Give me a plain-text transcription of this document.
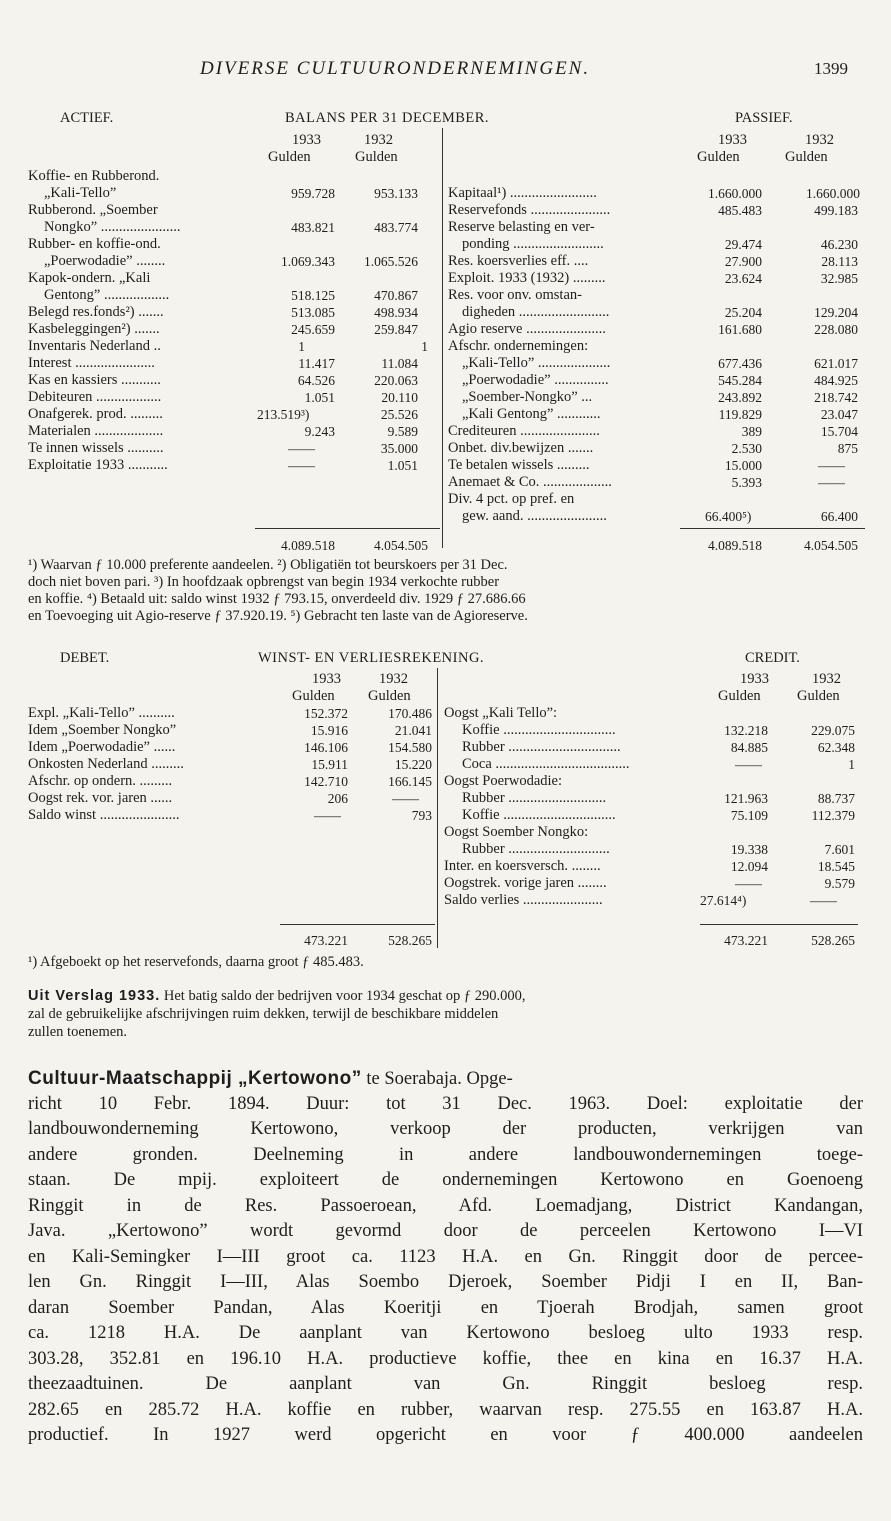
DIVERSE CULTUURONDERNEMINGEN.	1399
ACTIEF.	BALANS PER 31 DECEMBER.	PASSIEF.
1933	1932
Gulden	Gulden
1933	1932
Gulden	Gulden
Koffie- en Rubberond.
„Kali-Tello”	959.728	953.133
Rubberond. „Soember
Nongko” ......................	483.821	483.774
Rubber- en koffie-ond.
„Poerwodadie” ........	1.069.343	1.065.526
Kapok-ondern. „Kali
Gentong” ..................	518.125	470.867
Belegd res.fonds²) .......	513.085	498.934
Kasbeleggingen²) .......	245.659	259.847
Inventaris Nederland ..	1	1
Interest ......................	11.417	11.084
Kas en kassiers ...........	64.526	220.063
Debiteuren ..................	1.051	20.110
Onafgerek. prod. .........	213.519³)	25.526
Materialen ...................	9.243	9.589
Te innen wissels ..........	——	35.000
Exploitatie 1933 ...........	——	1.051
Kapitaal¹) ........................	1.660.000	1.660.000
Reservefonds ......................	485.483	499.183
Reserve belasting en ver-
ponding .........................	29.474	46.230
Res. koersverlies eff. ....	27.900	28.113
Exploit. 1933 (1932) .........	23.624	32.985
Res. voor onv. omstan-
digheden .........................	25.204	129.204
Agio reserve ......................	161.680	228.080
Afschr. ondernemingen:
„Kali-Tello” ....................	677.436	621.017
„Poerwodadie” ...............	545.284	484.925
„Soember-Nongko” ...	243.892	218.742
„Kali Gentong” ............	119.829	23.047
Crediteuren ......................	389	15.704
Onbet. div.bewijzen .......	2.530	875
Te betalen wissels .........	15.000	——
Anemaet & Co. ...................	5.393	——
Div. 4 pct. op pref. en
gew. aand. ......................	66.400⁵)	66.400
4.089.518	4.054.505	4.089.518	4.054.505
¹) Waarvan ƒ 10.000 preferente aandeelen. ²) Obligatiën tot beurskoers per 31 Dec.
doch niet boven pari. ³) In hoofdzaak opbrengst van begin 1934 verkochte rubber
en koffie. ⁴) Betaald uit: saldo winst 1932 ƒ 793.15, onverdeeld div. 1929 ƒ 27.686.66
en Toevoeging uit Agio-reserve ƒ 37.920.19. ⁵) Gebracht ten laste van de Agioreserve.
DEBET.	WINST- EN VERLIESREKENING.	CREDIT.
1933	1932
Gulden Gulden
1933	1932
Gulden	Gulden
Expl. „Kali-Tello” ..........	152.372	170.486
Idem „Soember Nongko”	15.916	21.041
Idem „Poerwodadie” ......	146.106	154.580
Onkosten Nederland .........	15.911	15.220
Afschr. op ondern. .........	142.710	166.145
Oogst rek. vor. jaren ......	206	——
Saldo winst ......................	——	793
Oogst „Kali Tello”:
Koffie ...............................	132.218	229.075
Rubber ...............................	84.885	62.348
Coca .....................................	——	1
Oogst Poerwodadie:
Rubber ...........................	121.963	88.737
Koffie ...............................	75.109	112.379
Oogst Soember Nongko:
Rubber ............................	19.338	7.601
Inter. en koersversch. ........	12.094	18.545
Oogstrek. vorige jaren ........	——	9.579
Saldo verlies ......................	27.614⁴)	——
473.221	528.265	473.221	528.265
¹) Afgeboekt op het reservefonds, daarna groot ƒ 485.483.
Uit Verslag 1933. Het batig saldo der bedrijven voor 1934 geschat op ƒ 290.000,
zal de gebruikelijke afschrijvingen ruim dekken, terwijl de beschikbare middelen
zullen toenemen.
Cultuur-Maatschappij „Kertowono” te Soerabaja. Opge-
richt 10 Febr. 1894. Duur: tot 31 Dec. 1963. Doel: exploitatie der
landbouwonderneming Kertowono, verkoop der producten, verkrijgen van
andere gronden. Deelneming in andere landbouwondernemingen toege-
staan. De mpij. exploiteert de ondernemingen Kertowono en Goenoeng
Ringgit in de Res. Passoeroean, Afd. Loemadjang, District Kandangan,
Java. „Kertowono” wordt gevormd door de perceelen Kertowono I—VI
en Kali-Semingker I—III groot ca. 1123 H.A. en Gn. Ringgit door de percee-
len Gn. Ringgit I—III, Alas Soembo Djeroek, Soember Pidji I en II, Ban-
daran Soember Pandan, Alas Koeritji en Tjoerah Brodjah, samen groot
ca. 1218 H.A. De aanplant van Kertowono besloeg ulto 1933 resp.
303.28, 352.81 en 196.10 H.A. productieve koffie, thee en kina en 16.37 H.A.
theezaadtuinen. De aanplant van Gn. Ringgit besloeg resp.
282.65 en 285.72 H.A. koffie en rubber, waarvan resp. 275.55 en 163.87 H.A.
productief. In 1927 werd opgericht en voor ƒ 400.000 aandeelen
